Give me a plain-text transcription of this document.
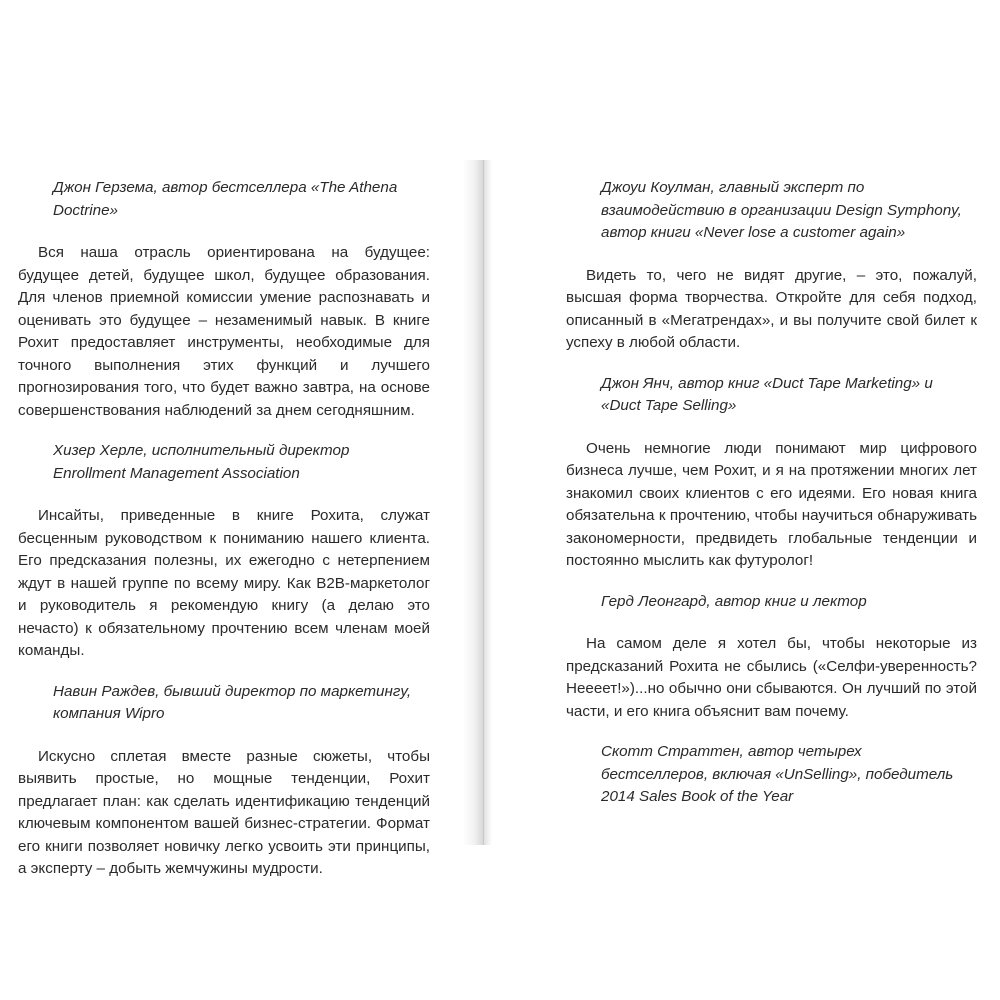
Джон Герзема, автор бестселлера «The Athena Doctrine»
Вся наша отрасль ориентирована на будущее: будущее детей, будущее школ, будущее образования. Для членов приемной комиссии умение распознавать и оценивать это будущее – незаменимый навык. В книге Рохит предоставляет инструменты, необходимые для точного выполнения этих функций и лучшего прогнозирования того, что будет важно завтра, на основе совершенствования наблюдений за днем сегодняшним.
Хизер Херле, исполнительный директор Enrollment Management Association
Инсайты, приведенные в книге Рохита, служат бесценным руководством к пониманию нашего клиента. Его предсказания полезны, их ежегодно с нетерпением ждут в нашей группе по всему миру. Как B2B-маркетолог и руководитель я рекомендую книгу (а делаю это нечасто) к обязательному прочтению всем членам моей команды.
Навин Раждев, бывший директор по маркетингу, компания Wipro
Искусно сплетая вместе разные сюжеты, чтобы выявить простые, но мощные тенденции, Рохит предлагает план: как сделать идентификацию тенденций ключевым компонентом вашей бизнес-стратегии. Формат его книги позволяет новичку легко усвоить эти принципы, а эксперту – добыть жемчужины мудрости.
Джоуи Коулман, главный эксперт по взаимодействию в организации Design Symphony, автор книги «Never lose a customer again»
Видеть то, чего не видят другие, – это, пожалуй, высшая форма творчества. Откройте для себя подход, описанный в «Мегатрендах», и вы получите свой билет к успеху в любой области.
Джон Янч, автор книг «Duct Tape Marketing» и «Duct Tape Selling»
Очень немногие люди понимают мир цифрового бизнеса лучше, чем Рохит, и я на протяжении многих лет знакомил своих клиентов с его идеями. Его новая книга обязательна к прочтению, чтобы научиться обнаруживать закономерности, предвидеть глобальные тенденции и постоянно мыслить как футуролог!
Герд Леонгард, автор книг и лектор
На самом деле я хотел бы, чтобы некоторые из предсказаний Рохита не сбылись («Селфи-уверенность? Неееет!»)...но обычно они сбываются. Он лучший по этой части, и его книга объяснит вам почему.
Скотт Страттен, автор четырех бестселлеров, включая «UnSelling», победитель 2014 Sales Book of the Year
